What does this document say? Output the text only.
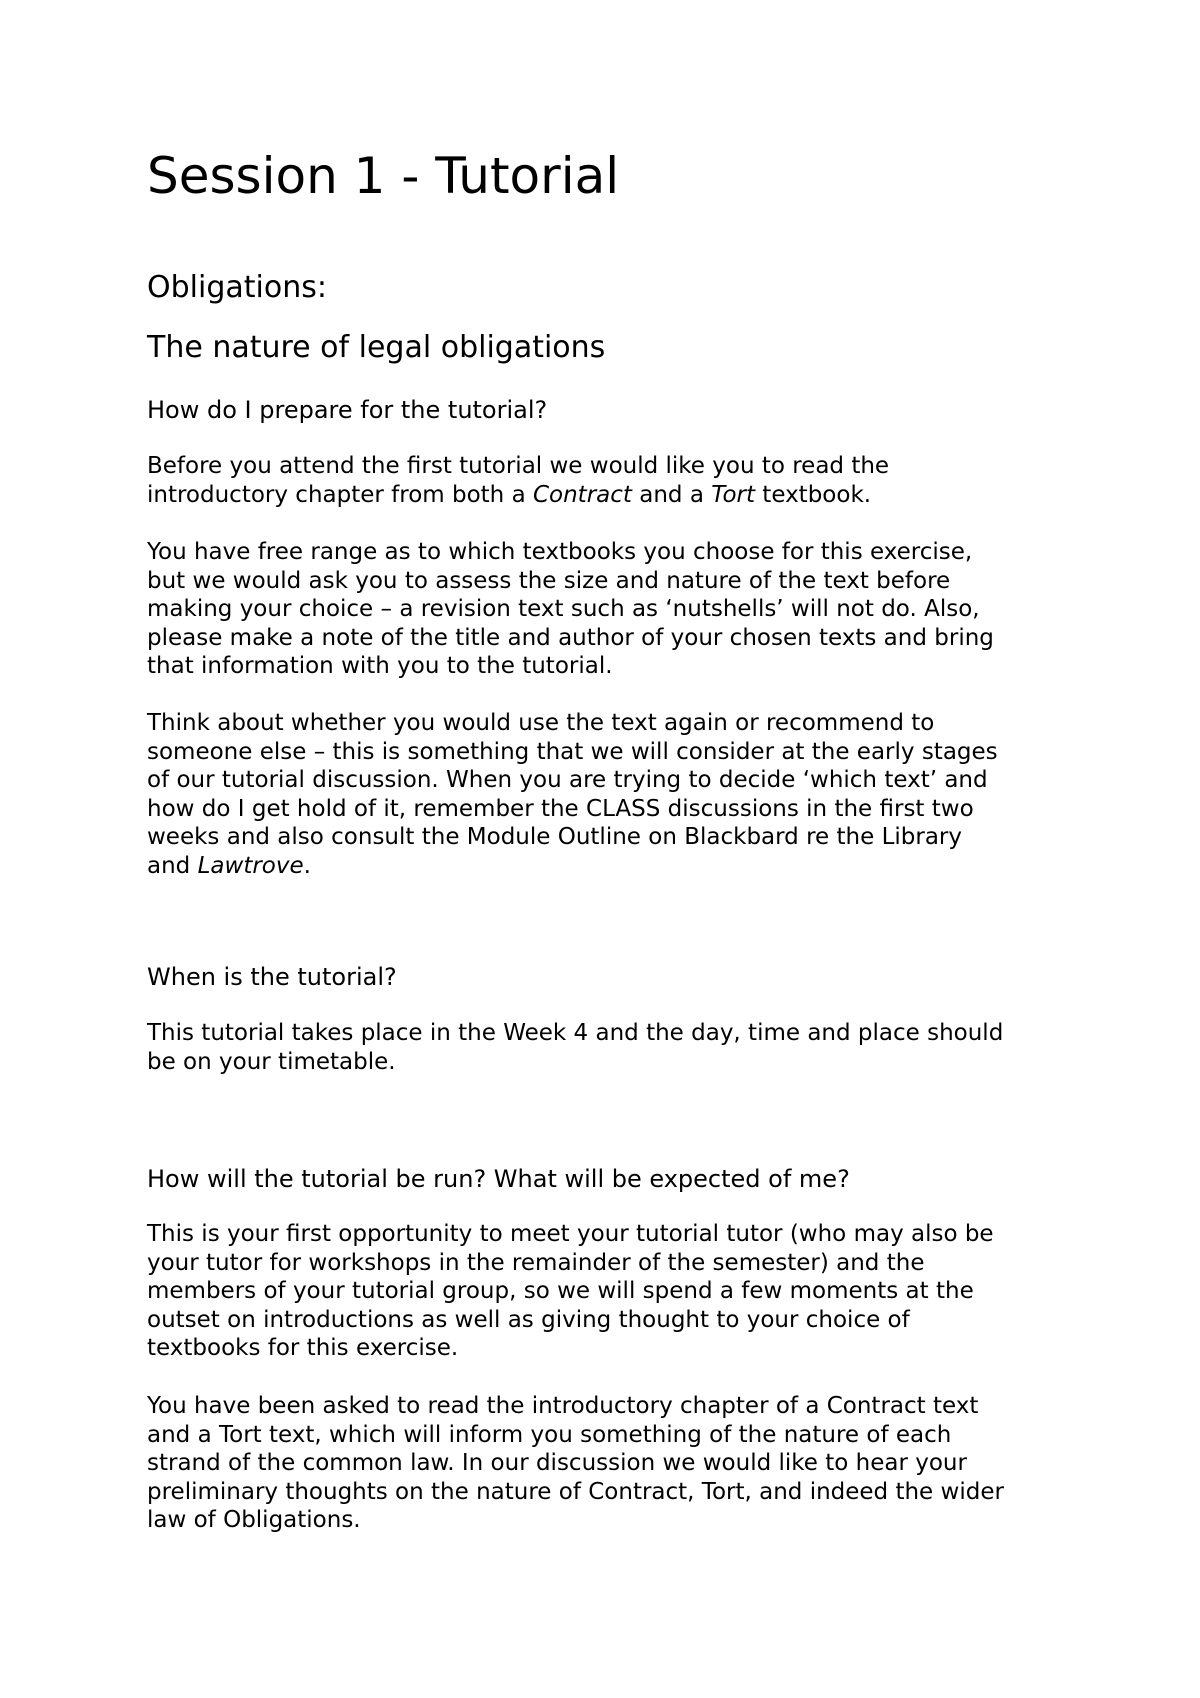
Session 1 - Tutorial
Obligations:
The nature of legal obligations
How do I prepare for the tutorial?

Before you attend the first tutorial we would like you to read the
introductory chapter from both a Contract and a Tort textbook.

You have free range as to which textbooks you choose for this exercise,
but we would ask you to assess the size and nature of the text before
making your choice – a revision text such as ‘nutshells’ will not do. Also,
please make a note of the title and author of your chosen texts and bring
that information with you to the tutorial.

Think about whether you would use the text again or recommend to
someone else – this is something that we will consider at the early stages
of our tutorial discussion. When you are trying to decide ‘which text’ and
how do I get hold of it, remember the CLASS discussions in the first two
weeks and also consult the Module Outline on Blackbard re the Library
and Lawtrove.

When is the tutorial?

This tutorial takes place in the Week 4 and the day, time and place should
be on your timetable.

How will the tutorial be run? What will be expected of me?

This is your first opportunity to meet your tutorial tutor (who may also be
your tutor for workshops in the remainder of the semester) and the
members of your tutorial group, so we will spend a few moments at the
outset on introductions as well as giving thought to your choice of
textbooks for this exercise.

You have been asked to read the introductory chapter of a Contract text
and a Tort text, which will inform you something of the nature of each
strand of the common law. In our discussion we would like to hear your
preliminary thoughts on the nature of Contract, Tort, and indeed the wider
law of Obligations.
